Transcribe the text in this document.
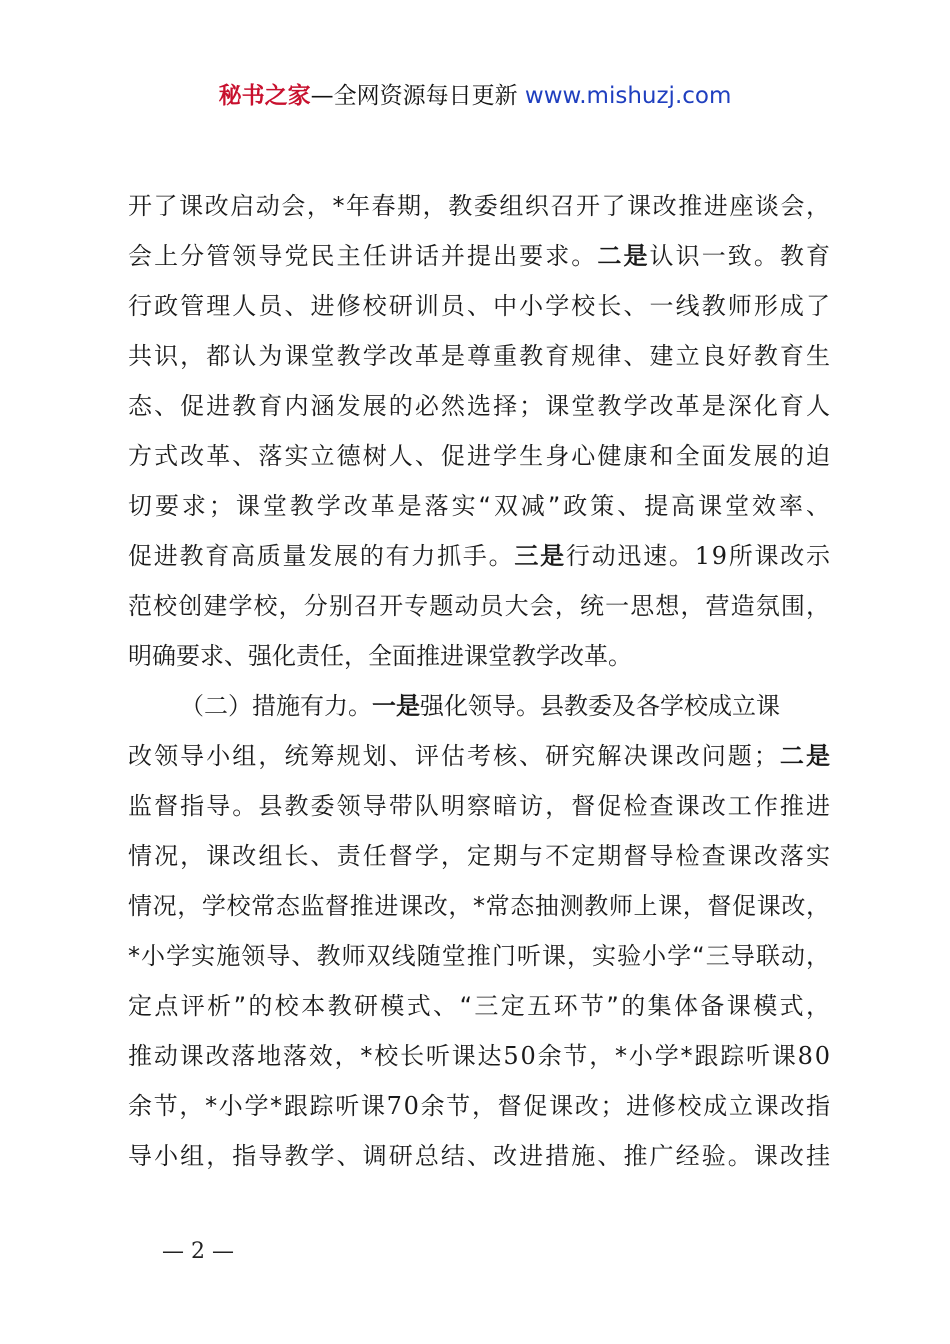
秘书之家—全网资源每日更新 www.mishuzj.com
开了课改启动会，*年春期，教委组织召开了课改推进座谈会，
会上分管领导党民主任讲话并提出要求。二是认识一致。教育
行政管理人员、进修校研训员、中小学校长、一线教师形成了
共识，都认为课堂教学改革是尊重教育规律、建立良好教育生
态、促进教育内涵发展的必然选择；课堂教学改革是深化育人
方式改革、落实立德树人、促进学生身心健康和全面发展的迫
切要求；课堂教学改革是落实“双减”政策、提高课堂效率、
促进教育高质量发展的有力抓手。三是行动迅速。19所课改示
范校创建学校，分别召开专题动员大会，统一思想，营造氛围，
明确要求、强化责任，全面推进课堂教学改革。
（二）措施有力。一是强化领导。县教委及各学校成立课
改领导小组，统筹规划、评估考核、研究解决课改问题；二是
监督指导。县教委领导带队明察暗访，督促检查课改工作推进
情况，课改组长、责任督学，定期与不定期督导检查课改落实
情况，学校常态监督推进课改，*常态抽测教师上课，督促课改，
*小学实施领导、教师双线随堂推门听课，实验小学“三导联动，
定点评析”的校本教研模式、“三定五环节”的集体备课模式，
推动课改落地落效，*校长听课达50余节，*小学*跟踪听课80
余节，*小学*跟踪听课70余节，督促课改；进修校成立课改指
导小组，指导教学、调研总结、改进措施、推广经验。课改挂
— 2 —
